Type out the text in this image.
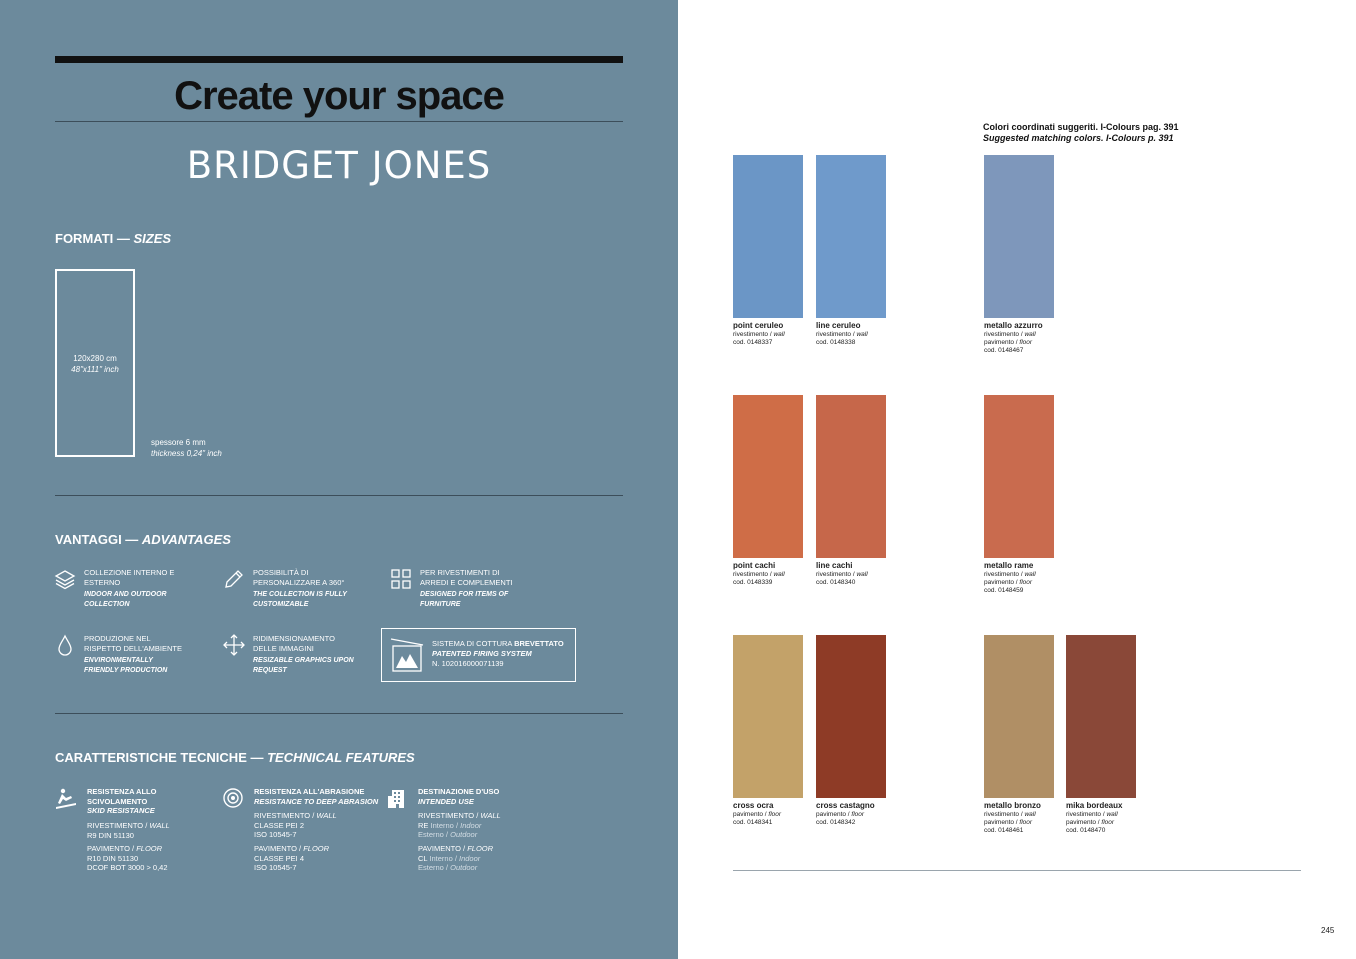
Create your space
BRIDGET JONES
FORMATI — SIZES
120x280 cm
48"x111" inch
spessore 6 mm
thickness 0,24" inch
VANTAGGI — ADVANTAGES
COLLEZIONE INTERNO E
ESTERNO
INDOOR AND OUTDOOR
COLLECTION
POSSIBILITÀ DI
PERSONALIZZARE A 360°
THE COLLECTION IS FULLY
CUSTOMIZABLE
PER RIVESTIMENTI DI
ARREDI E COMPLEMENTI
DESIGNED FOR ITEMS OF
FURNITURE
PRODUZIONE NEL
RISPETTO DELL'AMBIENTE
ENVIRONMENTALLY
FRIENDLY PRODUCTION
RIDIMENSIONAMENTO
DELLE IMMAGINI
RESIZABLE GRAPHICS UPON
REQUEST
SISTEMA DI COTTURA BREVETTATO
PATENTED FIRING SYSTEM
N. 102016000071139
CARATTERISTICHE TECNICHE — TECHNICAL FEATURES
RESISTENZA ALLO
SCIVOLAMENTO
SKID RESISTANCE
RIVESTIMENTO / WALL
R9 DIN 51130
PAVIMENTO / FLOOR
R10 DIN 51130
DCOF BOT 3000 > 0,42
RESISTENZA ALL'ABRASIONE
RESISTANCE TO DEEP ABRASION
RIVESTIMENTO / WALL
CLASSE PEI 2
ISO 10545-7
PAVIMENTO / FLOOR
CLASSE PEI 4
ISO 10545-7
DESTINAZIONE D'USO
INTENDED USE
RIVESTIMENTO / WALL
RE Interno / Indoor
Esterno / Outdoor
PAVIMENTO / FLOOR
CL Interno / Indoor
Esterno / Outdoor
Colori coordinati suggeriti. I-Colours pag. 391
Suggested matching colors. I-Colours p. 391
point ceruleo
rivestimento / wall
cod. 0148337
line ceruleo
rivestimento / wall
cod. 0148338
metallo azzurro
rivestimento / wall
pavimento / floor
cod. 0148467
point cachi
rivestimento / wall
cod. 0148339
line cachi
rivestimento / wall
cod. 0148340
metallo rame
rivestimento / wall
pavimento / floor
cod. 0148459
cross ocra
pavimento / floor
cod. 0148341
cross castagno
pavimento / floor
cod. 0148342
metallo bronzo
rivestimento / wall
pavimento / floor
cod. 0148461
mika bordeaux
rivestimento / wall
pavimento / floor
cod. 0148470
245
